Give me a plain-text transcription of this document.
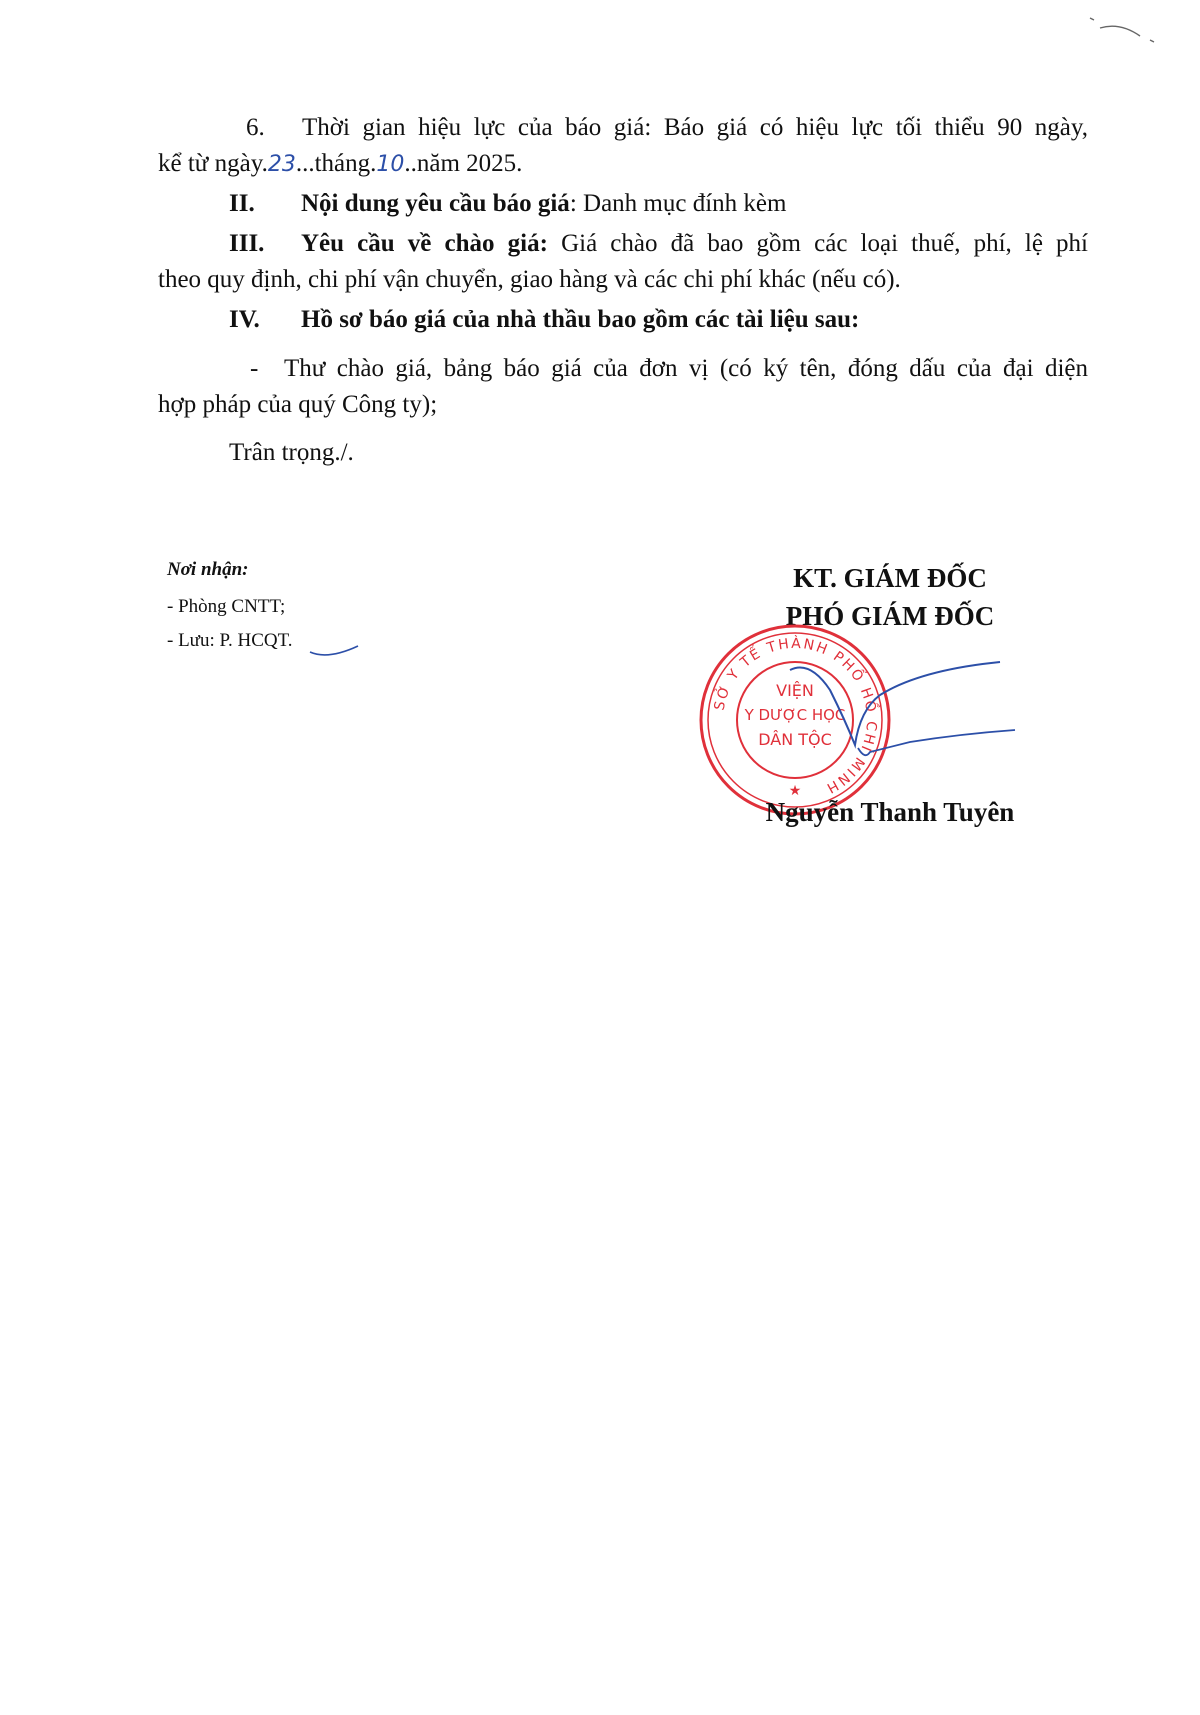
6. Thời gian hiệu lực của báo giá: Báo giá có hiệu lực tối thiểu 90 ngày,
kể từ ngày.23...tháng.10..năm 2025.
II. Nội dung yêu cầu báo giá: Danh mục đính kèm
III. Yêu cầu về chào giá: Giá chào đã bao gồm các loại thuế, phí, lệ phí
theo quy định, chi phí vận chuyển, giao hàng và các chi phí khác (nếu có).
IV. Hồ sơ báo giá của nhà thầu bao gồm các tài liệu sau:
- Thư chào giá, bảng báo giá của đơn vị (có ký tên, đóng dấu của đại diện
hợp pháp của quý Công ty);
Trân trọng./.
Nơi nhận:
- Phòng CNTT;
- Lưu: P. HCQT.
KT. GIÁM ĐỐC
PHÓ GIÁM ĐỐC
SỞ Y TẾ THÀNH PHỐ HỒ CHÍ MINH
VIỆN
Y DƯỢC HỌC
DÂN TỘC
★
Nguyễn Thanh Tuyên
